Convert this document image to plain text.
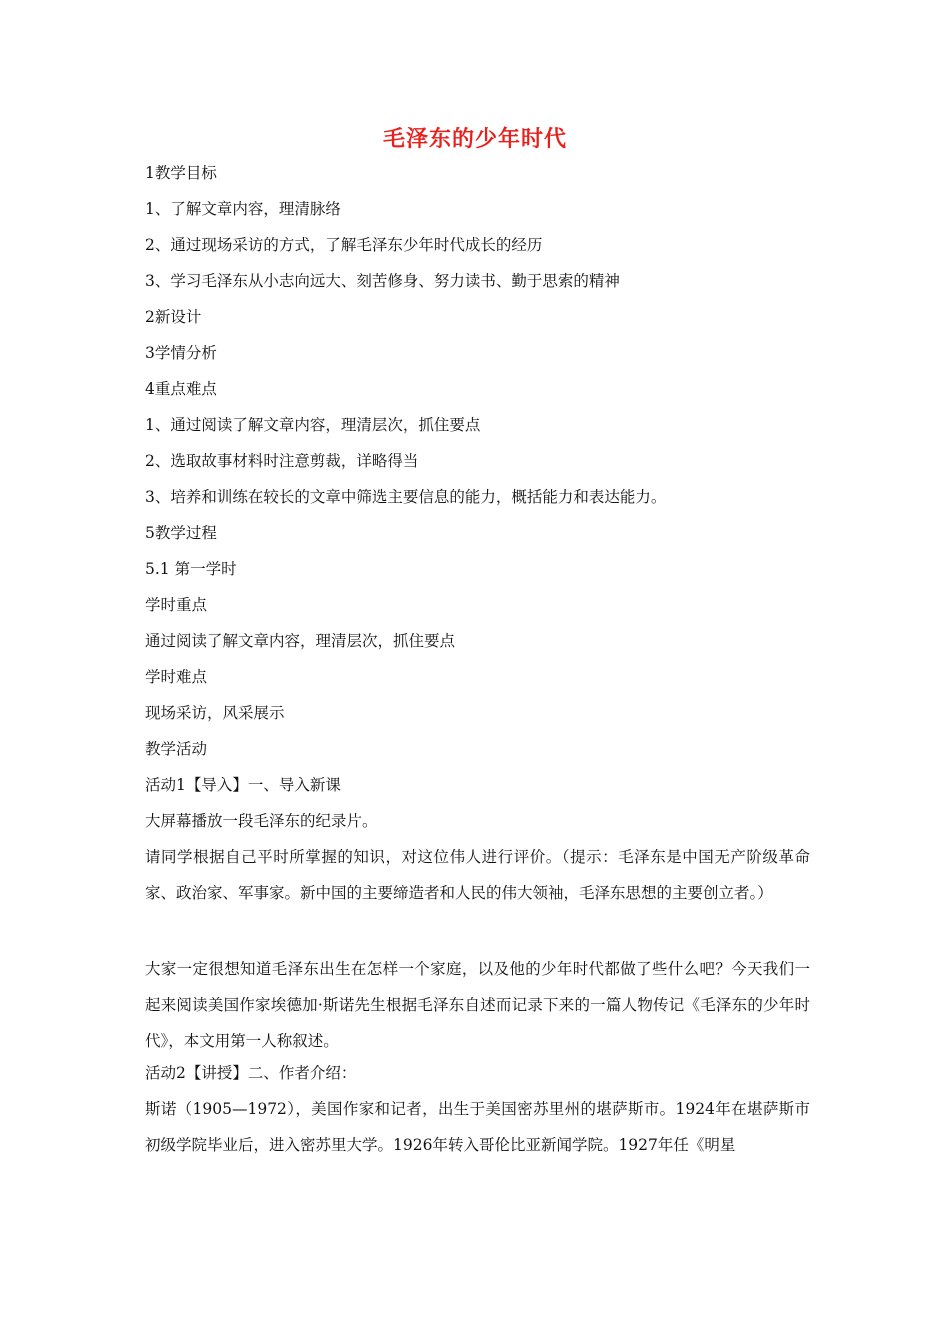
毛泽东的少年时代
1教学目标
1、了解文章内容，理清脉络
2、通过现场采访的方式，了解毛泽东少年时代成长的经历
3、学习毛泽东从小志向远大、刻苦修身、努力读书、勤于思索的精神
2新设计
3学情分析
4重点难点
1、通过阅读了解文章内容，理清层次，抓住要点
2、选取故事材料时注意剪裁，详略得当
3、培养和训练在较长的文章中筛选主要信息的能力，概括能力和表达能力。
5教学过程
5.1 第一学时
学时重点
通过阅读了解文章内容，理清层次，抓住要点
学时难点
现场采访，风采展示
教学活动
活动1【导入】一、导入新课
大屏幕播放一段毛泽东的纪录片。
请同学根据自己平时所掌握的知识，对这位伟人进行评价。（提示：毛泽东是中国无产阶级革命家、政治家、军事家。新中国的主要缔造者和人民的伟大领袖，毛泽东思想的主要创立者。）
大家一定很想知道毛泽东出生在怎样一个家庭，以及他的少年时代都做了些什么吧？今天我们一起来阅读美国作家埃德加·斯诺先生根据毛泽东自述而记录下来的一篇人物传记《毛泽东的少年时代》，本文用第一人称叙述。
活动2【讲授】二、作者介绍：
斯诺（1905—1972），美国作家和记者，出生于美国密苏里州的堪萨斯市。1924年在堪萨斯市初级学院毕业后，进入密苏里大学。1926年转入哥伦比亚新闻学院。1927年任《明星
